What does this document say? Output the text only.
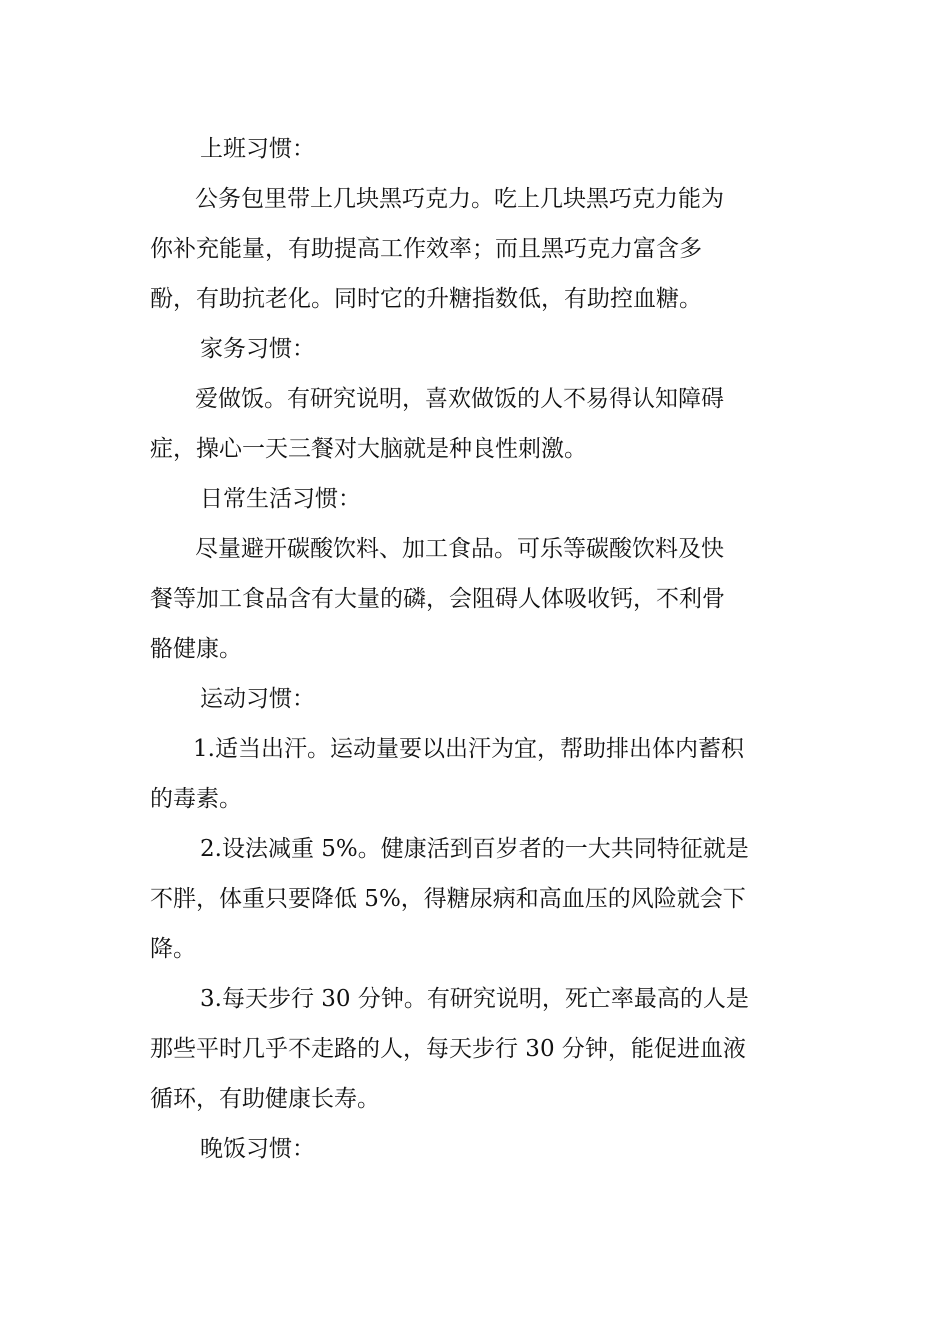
上班习惯：
公务包里带上几块黑巧克力。吃上几块黑巧克力能为
你补充能量，有助提高工作效率；而且黑巧克力富含多
酚，有助抗老化。同时它的升糖指数低，有助控血糖。
家务习惯：
爱做饭。有研究说明，喜欢做饭的人不易得认知障碍
症，操心一天三餐对大脑就是种良性刺激。
日常生活习惯：
尽量避开碳酸饮料、加工食品。可乐等碳酸饮料及快
餐等加工食品含有大量的磷，会阻碍人体吸收钙，不利骨
骼健康。
运动习惯：
1.适当出汗。运动量要以出汗为宜，帮助排出体内蓄积
的毒素。
2.设法减重 5%。健康活到百岁者的一大共同特征就是
不胖，体重只要降低 5%，得糖尿病和高血压的风险就会下
降。
3.每天步行 30 分钟。有研究说明，死亡率最高的人是
那些平时几乎不走路的人，每天步行 30 分钟，能促进血液
循环，有助健康长寿。
晚饭习惯：
